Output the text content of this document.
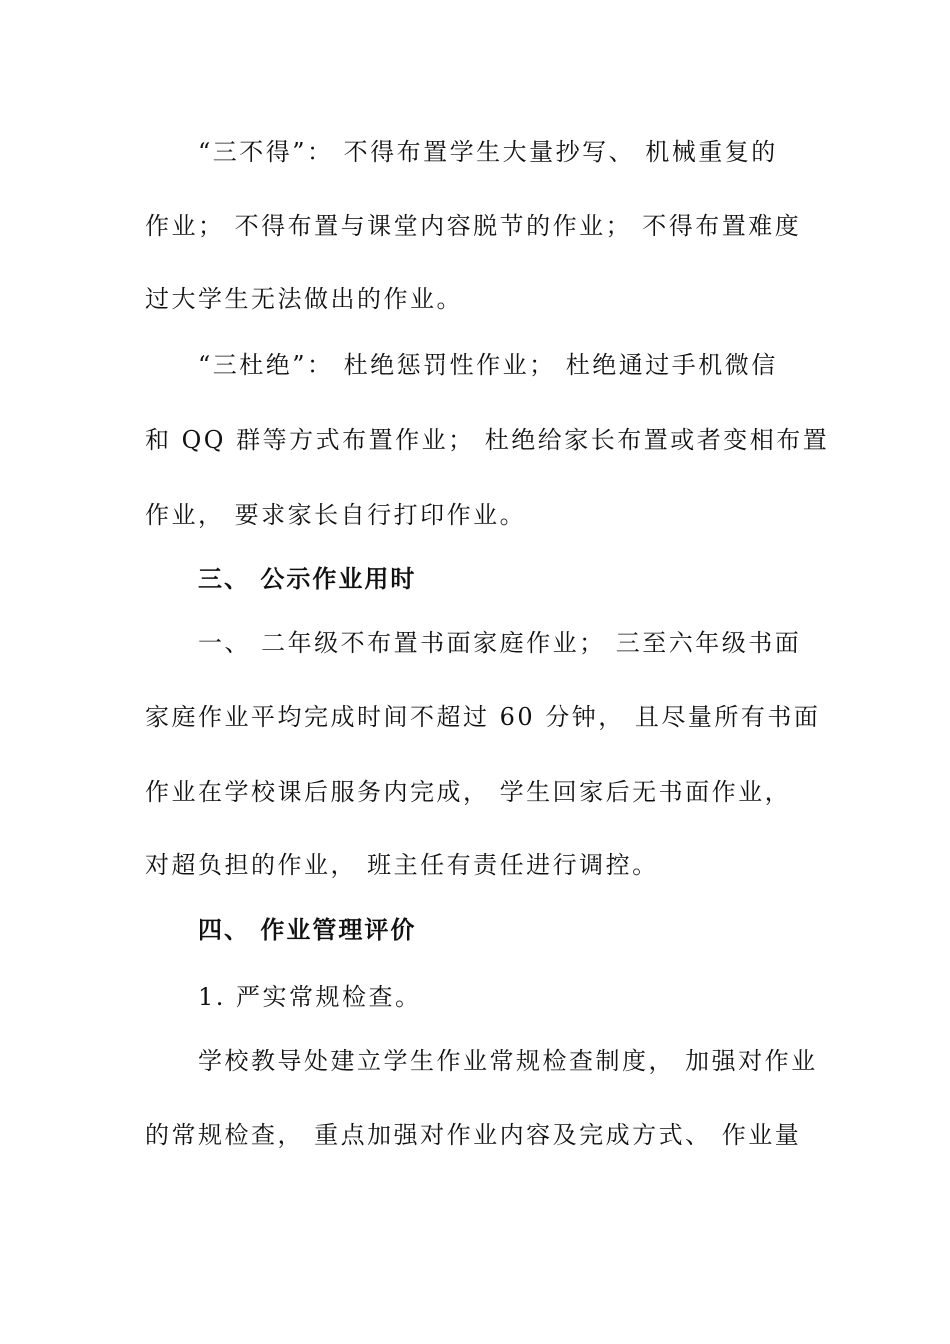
“三不得”： 不得布置学生大量抄写、 机械重复的
作业； 不得布置与课堂内容脱节的作业； 不得布置难度
过大学生无法做出的作业。
“三杜绝”： 杜绝惩罚性作业； 杜绝通过手机微信
和 QQ 群等方式布置作业； 杜绝给家长布置或者变相布置
作业， 要求家长自行打印作业。
三、 公示作业用时
一、 二年级不布置书面家庭作业； 三至六年级书面
家庭作业平均完成时间不超过 60 分钟， 且尽量所有书面
作业在学校课后服务内完成， 学生回家后无书面作业，
对超负担的作业， 班主任有责任进行调控。
四、 作业管理评价
1. 严实常规检查。
学校教导处建立学生作业常规检查制度， 加强对作业
的常规检查， 重点加强对作业内容及完成方式、 作业量
